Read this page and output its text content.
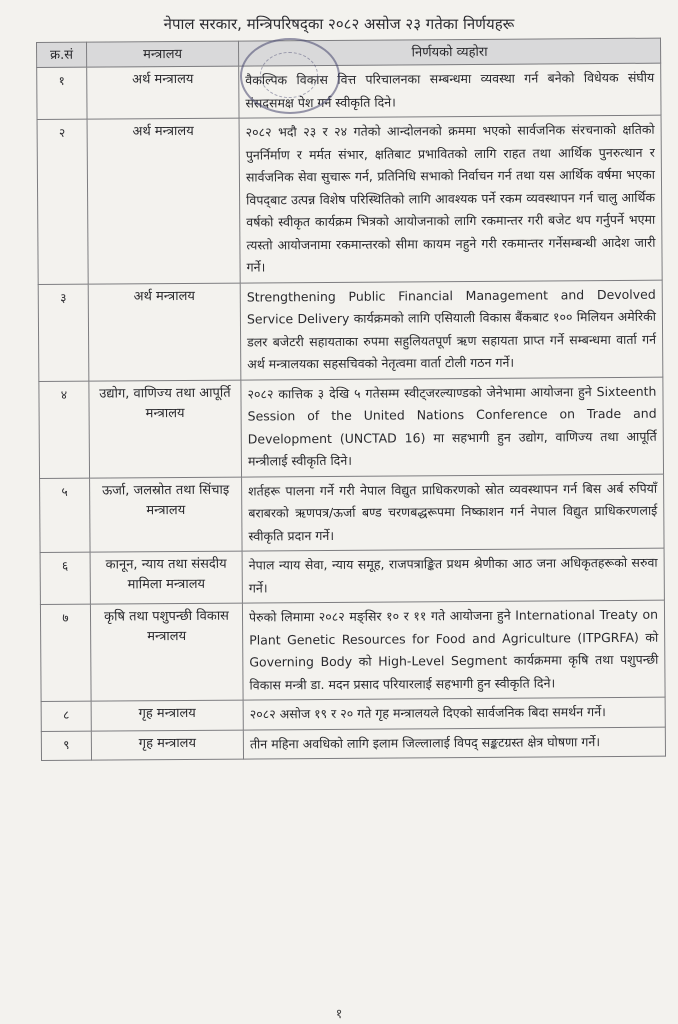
नेपाल सरकार, मन्त्रिपरिषद्का २०८२ असोज २३ गतेका निर्णयहरू
क्र.सं	मन्त्रालय	निर्णयको व्यहोरा
१	अर्थ मन्त्रालय	वैकल्पिक विकास वित्त परिचालनका सम्बन्धमा व्यवस्था गर्न बनेको विधेयक संघीय संसदसमक्ष पेश गर्न स्वीकृति दिने।
२	अर्थ मन्त्रालय	२०८२ भदौ २३ र २४ गतेको आन्दोलनको क्रममा भएको सार्वजनिक संरचनाको क्षतिको पुनर्निर्माण र मर्मत संभार, क्षतिबाट प्रभावितको लागि राहत तथा आर्थिक पुनरुत्थान र सार्वजनिक सेवा सुचारू गर्न, प्रतिनिधि सभाको निर्वाचन गर्न तथा यस आर्थिक वर्षमा भएका विपद्‌बाट उत्पन्न विशेष परिस्थितिको लागि आवश्यक पर्ने रकम व्यवस्थापन गर्न चालु आर्थिक वर्षको स्वीकृत कार्यक्रम भित्रको आयोजनाको लागि रकमान्तर गरी बजेट थप गर्नुपर्ने भएमा त्यस्तो आयोजनामा रकमान्तरको सीमा कायम नहुने गरी रकमान्तर गर्नेसम्बन्धी आदेश जारी गर्ने।
३	अर्थ मन्त्रालय	Strengthening Public Financial Management and Devolved Service Delivery कार्यक्रमको लागि एसियाली विकास बैंकबाट १०० मिलियन अमेरिकी डलर बजेटरी सहायताका रुपमा सहुलियतपूर्ण ऋण सहायता प्राप्त गर्ने सम्बन्धमा वार्ता गर्न अर्थ मन्त्रालयका सहसचिवको नेतृत्वमा वार्ता टोली गठन गर्ने।
४	उद्योग, वाणिज्य तथा आपूर्ति मन्त्रालय	२०८२ कात्तिक ३ देखि ५ गतेसम्म स्वीट्जरल्याण्डको जेनेभामा आयोजना हुने Sixteenth Session of the United Nations Conference on Trade and Development (UNCTAD 16) मा सहभागी हुन उद्योग, वाणिज्य तथा आपूर्ति मन्त्रीलाई स्वीकृति दिने।
५	ऊर्जा, जलस्रोत तथा सिंचाइ मन्त्रालय	शर्तहरू पालना गर्ने गरी नेपाल विद्युत प्राधिकरणको स्रोत व्यवस्थापन गर्न बिस अर्ब रुपियाँ बराबरको ऋणपत्र/ऊर्जा बण्ड चरणबद्धरूपमा निष्काशन गर्न नेपाल विद्युत प्राधिकरणलाई स्वीकृति प्रदान गर्ने।
६	कानून, न्याय तथा संसदीय मामिला मन्त्रालय	नेपाल न्याय सेवा, न्याय समूह, राजपत्राङ्कित प्रथम श्रेणीका आठ जना अधिकृतहरूको सरुवा गर्ने।
७	कृषि तथा पशुपन्छी विकास मन्त्रालय	पेरुको लिमामा २०८२ मङ्सिर १० र ११ गते आयोजना हुने International Treaty on Plant Genetic Resources for Food and Agriculture (ITPGRFA) को Governing Body को High-Level Segment कार्यक्रममा कृषि तथा पशुपन्छी विकास मन्त्री डा. मदन प्रसाद परियारलाई सहभागी हुन स्वीकृति दिने।
८	गृह मन्त्रालय	२०८२ असोज १९ र २० गते गृह मन्त्रालयले दिएको सार्वजनिक बिदा समर्थन गर्ने।
९	गृह मन्त्रालय	तीन महिना अवधिको लागि इलाम जिल्लालाई विपद् सङ्कटग्रस्त क्षेत्र घोषणा गर्ने।
१
